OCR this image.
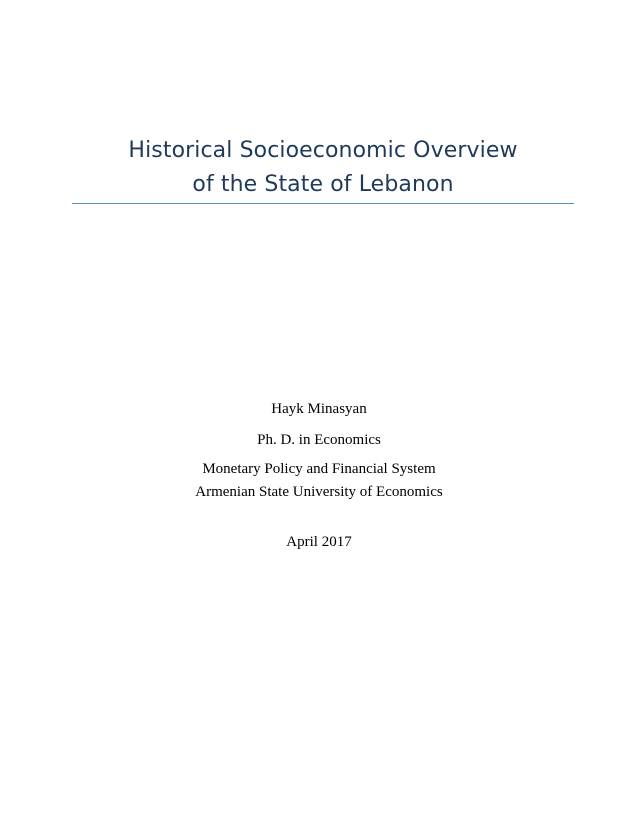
Historical Socioeconomic Overview
of the State of Lebanon
Hayk Minasyan
Ph. D. in Economics
Monetary Policy and Financial System
Armenian State University of Economics
April 2017
